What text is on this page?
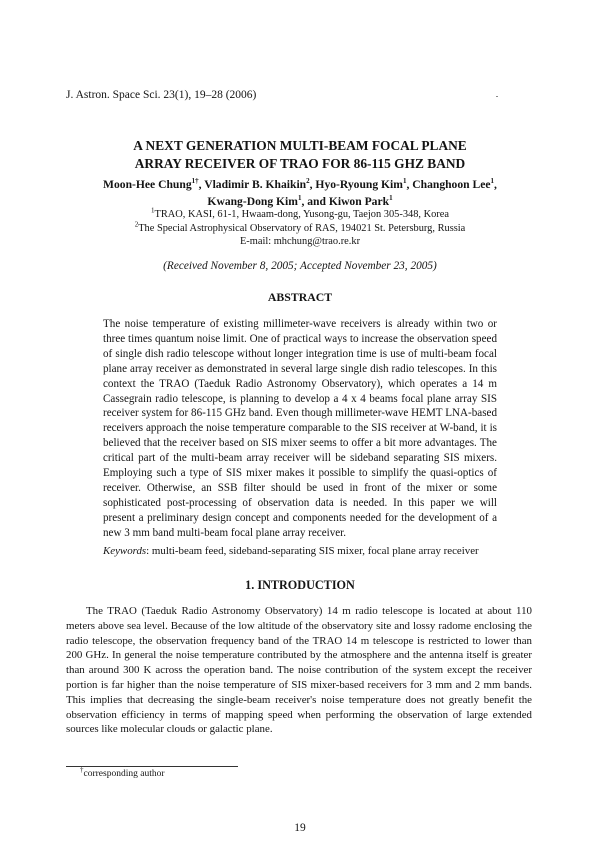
J. Astron. Space Sci. 23(1), 19–28 (2006)
A NEXT GENERATION MULTI-BEAM FOCAL PLANE
ARRAY RECEIVER OF TRAO FOR 86-115 GHZ BAND
Moon-Hee Chung$^{1\dagger}$, Vladimir B. Khaikin$^2$, Hyo-Ryoung Kim$^1$, Changhoon Lee$^1$,
Kwang-Dong Kim$^1$, and Kiwon Park$^1$
$^1$TRAO, KASI, 61-1, Hwaam-dong, Yusong-gu, Taejon 305-348, Korea
$^2$The Special Astrophysical Observatory of RAS, 194021 St. Petersburg, Russia
E-mail: mhchung@trao.re.kr
(Received November 8, 2005; Accepted November 23, 2005)
ABSTRACT
The noise temperature of existing millimeter-wave receivers is already within two or three times quantum noise limit. One of practical ways to increase the observation speed of single dish radio telescope without longer integration time is use of multi-beam focal plane array receiver as demonstrated in several large single dish radio telescopes. In this context the TRAO (Taeduk Radio Astronomy Observatory), which operates a 14 m Cassegrain radio telescope, is planning to develop a 4 x 4 beams focal plane array SIS receiver system for 86-115 GHz band. Even though millimeter-wave HEMT LNA-based receivers approach the noise temperature comparable to the SIS receiver at W-band, it is believed that the receiver based on SIS mixer seems to offer a bit more advantages. The critical part of the multi-beam array receiver will be sideband separating SIS mixers. Employing such a type of SIS mixer makes it possible to simplify the quasi-optics of receiver. Otherwise, an SSB filter should be used in front of the mixer or some sophisticated post-processing of observation data is needed. In this paper we will present a preliminary design concept and components needed for the development of a new 3 mm band multi-beam focal plane array receiver.
Keywords: multi-beam feed, sideband-separating SIS mixer, focal plane array receiver
1. INTRODUCTION
The TRAO (Taeduk Radio Astronomy Observatory) 14 m radio telescope is located at about 110 meters above sea level. Because of the low altitude of the observatory site and lossy radome enclosing the radio telescope, the observation frequency band of the TRAO 14 m telescope is restricted to lower than 200 GHz. In general the noise temperature contributed by the atmosphere and the antenna itself is greater than around 300 K across the operation band. The noise contribution of the system except the receiver portion is far higher than the noise temperature of SIS mixer-based receivers for 3 mm and 2 mm bands. This implies that decreasing the single-beam receiver's noise temperature does not greatly benefit the observation efficiency in terms of mapping speed when performing the observation of large extended sources like molecular clouds or galactic plane.
†corresponding author
19
